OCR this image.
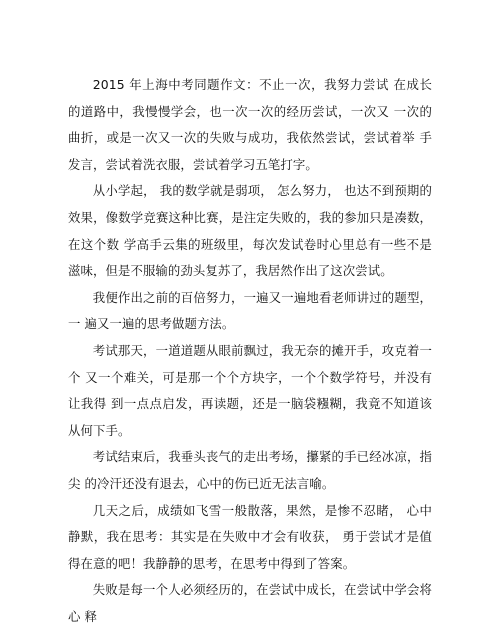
2015 年上海中考同题作文：不止一次，我努力尝试 在成长的道路中，我慢慢学会，也一次一次的经历尝试，一次又 一次的曲折，或是一次又一次的失败与成功，我依然尝试，尝试着举 手发言，尝试着洗衣服，尝试着学习五笔打字。

从小学起， 我的数学就是弱项， 怎么努力， 也达不到预期的效果，像数学竞赛这种比赛，是注定失败的，我的参加只是凑数，在这个数 学高手云集的班级里，每次发试卷时心里总有一些不是滋味，但是不服输的劲头复苏了，我居然作出了这次尝试。

我便作出之前的百倍努力，一遍又一遍地看老师讲过的题型，一 遍又一遍的思考做题方法。

考试那天，一道道题从眼前飘过，我无奈的摊开手，攻克着一个 又一个难关，可是那一个个方块字，一个个数学符号，并没有让我得 到一点点启发，再读题，还是一脑袋糨糊，我竟不知道该从何下手。

考试结束后，我垂头丧气的走出考场，攥紧的手已经冰凉，指尖 的冷汗还没有退去，心中的伤已近无法言喻。

几天之后，成绩如飞雪一般散落，果然，是惨不忍睹， 心中静默，我在思考：其实是在失败中才会有收获， 勇于尝试才是值得在意的吧！我静静的思考，在思考中得到了答案。

失败是每一个人必须经历的，在尝试中成长，在尝试中学会将心 释
